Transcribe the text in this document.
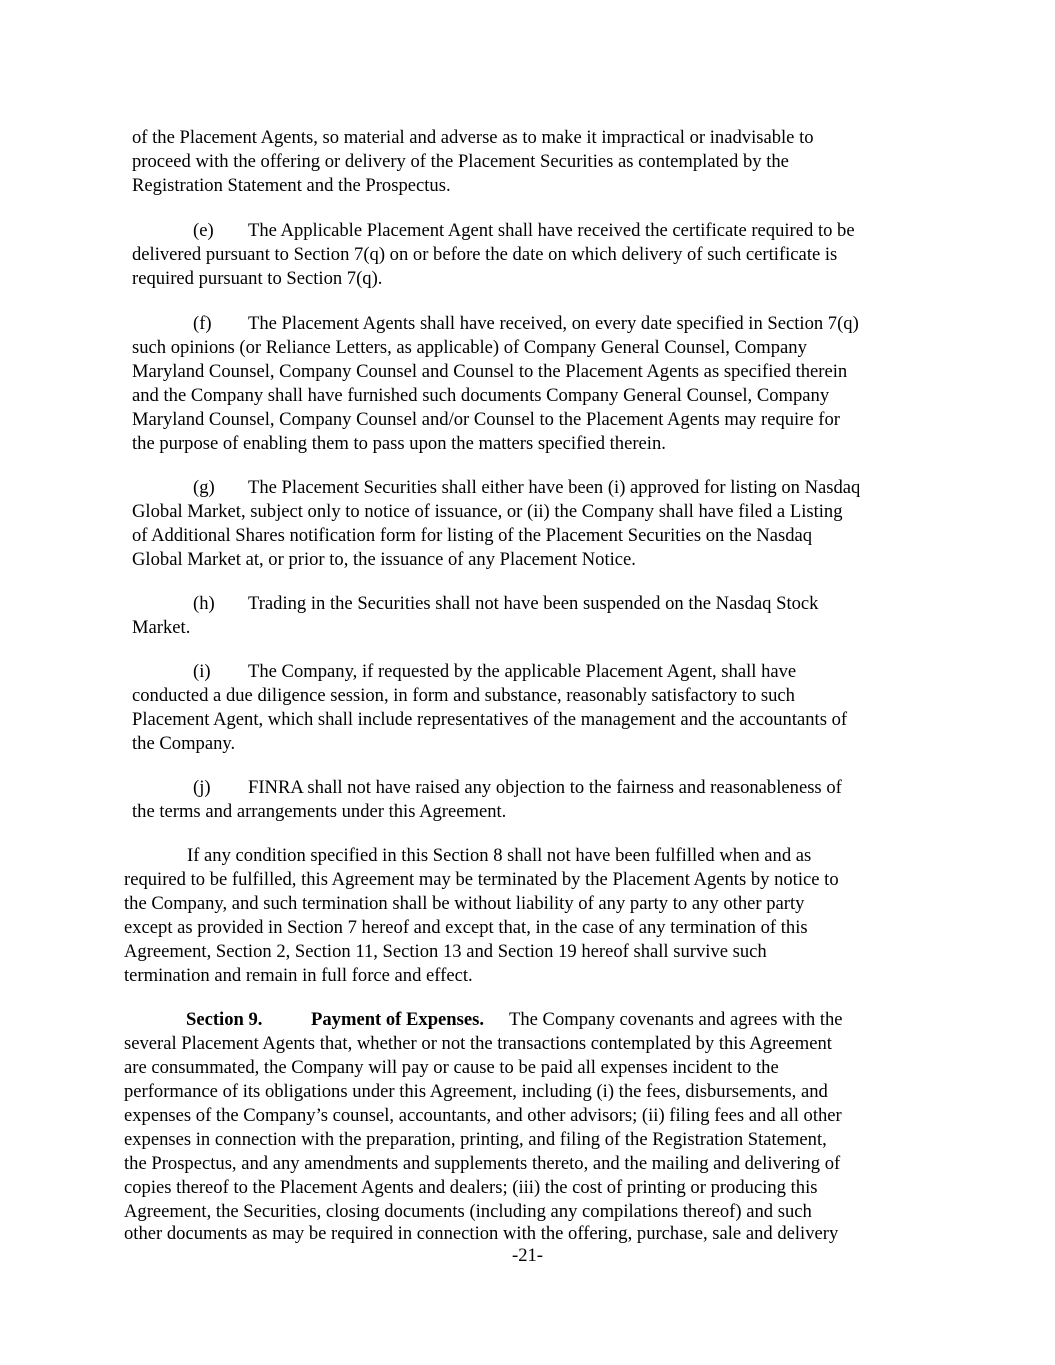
of the Placement Agents, so material and adverse as to make it impractical or inadvisable to

proceed with the offering or delivery of the Placement Securities as contemplated by the

Registration Statement and the Prospectus.

(e) The Applicable Placement Agent shall have received the certificate required to be

delivered pursuant to Section 7(q) on or before the date on which delivery of such certificate is

required pursuant to Section 7(q).

(f) The Placement Agents shall have received, on every date specified in Section 7(q)

such opinions (or Reliance Letters, as applicable) of Company General Counsel, Company

Maryland Counsel, Company Counsel and Counsel to the Placement Agents as specified therein

and the Company shall have furnished such documents Company General Counsel, Company

Maryland Counsel, Company Counsel and/or Counsel to the Placement Agents may require for

the purpose of enabling them to pass upon the matters specified therein.

(g) The Placement Securities shall either have been (i) approved for listing on Nasdaq

Global Market, subject only to notice of issuance, or (ii) the Company shall have filed a Listing

of Additional Shares notification form for listing of the Placement Securities on the Nasdaq

Global Market at, or prior to, the issuance of any Placement Notice.

(h) Trading in the Securities shall not have been suspended on the Nasdaq Stock

Market.

(i) The Company, if requested by the applicable Placement Agent, shall have

conducted a due diligence session, in form and substance, reasonably satisfactory to such

Placement Agent, which shall include representatives of the management and the accountants of

the Company.

(j) FINRA shall not have raised any objection to the fairness and reasonableness of

the terms and arrangements under this Agreement.

If any condition specified in this Section 8 shall not have been fulfilled when and as

required to be fulfilled, this Agreement may be terminated by the Placement Agents by notice to

the Company, and such termination shall be without liability of any party to any other party

except as provided in Section 7 hereof and except that, in the case of any termination of this

Agreement, Section 2, Section 11, Section 13 and Section 19 hereof shall survive such

termination and remain in full force and effect.

Section 9.	Payment of Expenses. The Company covenants and agrees with the

several Placement Agents that, whether or not the transactions contemplated by this Agreement

are consummated, the Company will pay or cause to be paid all expenses incident to the

performance of its obligations under this Agreement, including (i) the fees, disbursements, and

expenses of the Company’s counsel, accountants, and other advisors; (ii) filing fees and all other

expenses in connection with the preparation, printing, and filing of the Registration Statement,

the Prospectus, and any amendments and supplements thereto, and the mailing and delivering of

copies thereof to the Placement Agents and dealers; (iii) the cost of printing or producing this

Agreement, the Securities, closing documents (including any compilations thereof) and such

other documents as may be required in connection with the offering, purchase, sale and delivery

-21-
